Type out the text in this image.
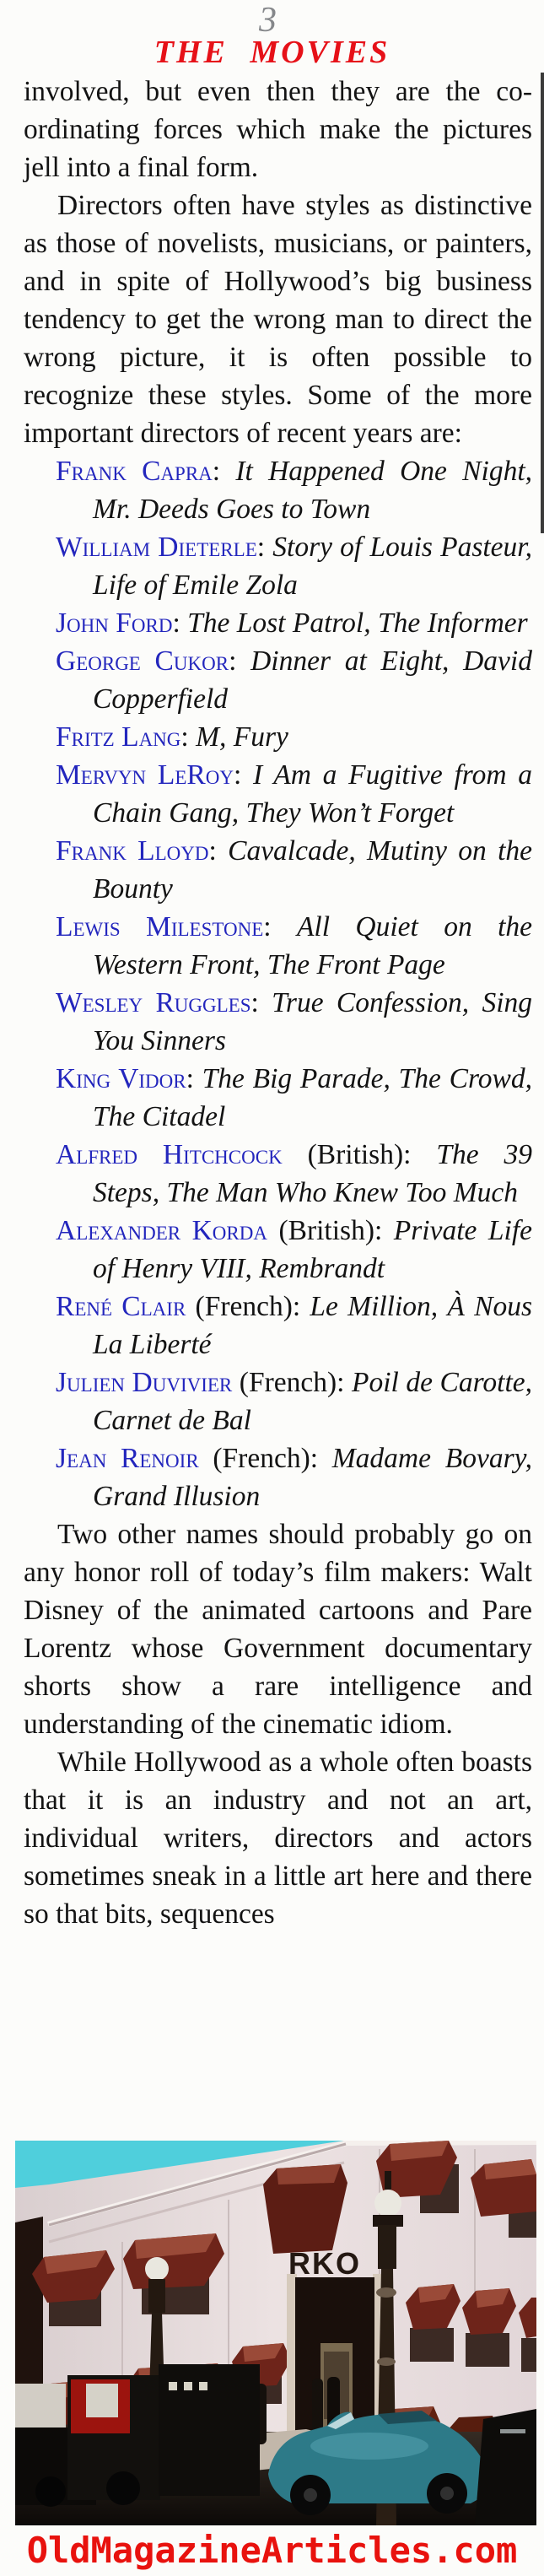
3
THE MOVIES

involved, but even then they are the co-ordinating forces which make the pictures jell into a final form.

Directors often have styles as distinctive as those of novelists, musicians, or painters, and in spite of Hollywood’s big business tendency to get the wrong man to direct the wrong picture, it is often possible to recognize these styles. Some of the more important directors of recent years are:

Frank Capra: It Happened One Night, Mr. Deeds Goes to Town
William Dieterle: Story of Louis Pasteur, Life of Emile Zola
John Ford: The Lost Patrol, The Informer
George Cukor: Dinner at Eight, David Copperfield
Fritz Lang: M, Fury
Mervyn LeRoy: I Am a Fugitive from a Chain Gang, They Won’t Forget
Frank Lloyd: Cavalcade, Mutiny on the Bounty
Lewis Milestone: All Quiet on the Western Front, The Front Page
Wesley Ruggles: True Confession, Sing You Sinners
King Vidor: The Big Parade, The Crowd, The Citadel
Alfred Hitchcock (British): The 39 Steps, The Man Who Knew Too Much
Alexander Korda (British): Private Life of Henry VIII, Rembrandt
René Clair (French): Le Million, À Nous La Liberté
Julien Duvivier (French): Poil de Carotte, Carnet de Bal
Jean Renoir (French): Madame Bovary, Grand Illusion

Two other names should probably go on any honor roll of today’s film makers: Walt Disney of the animated cartoons and Pare Lorentz whose Government documentary shorts show a rare intelligence and understanding of the cinematic idiom.

While Hollywood as a whole often boasts that it is an industry and not an art, individual writers, directors and actors sometimes sneak in a little art here and there so that bits, sequences

RKO
OldMagazineArticles.com
